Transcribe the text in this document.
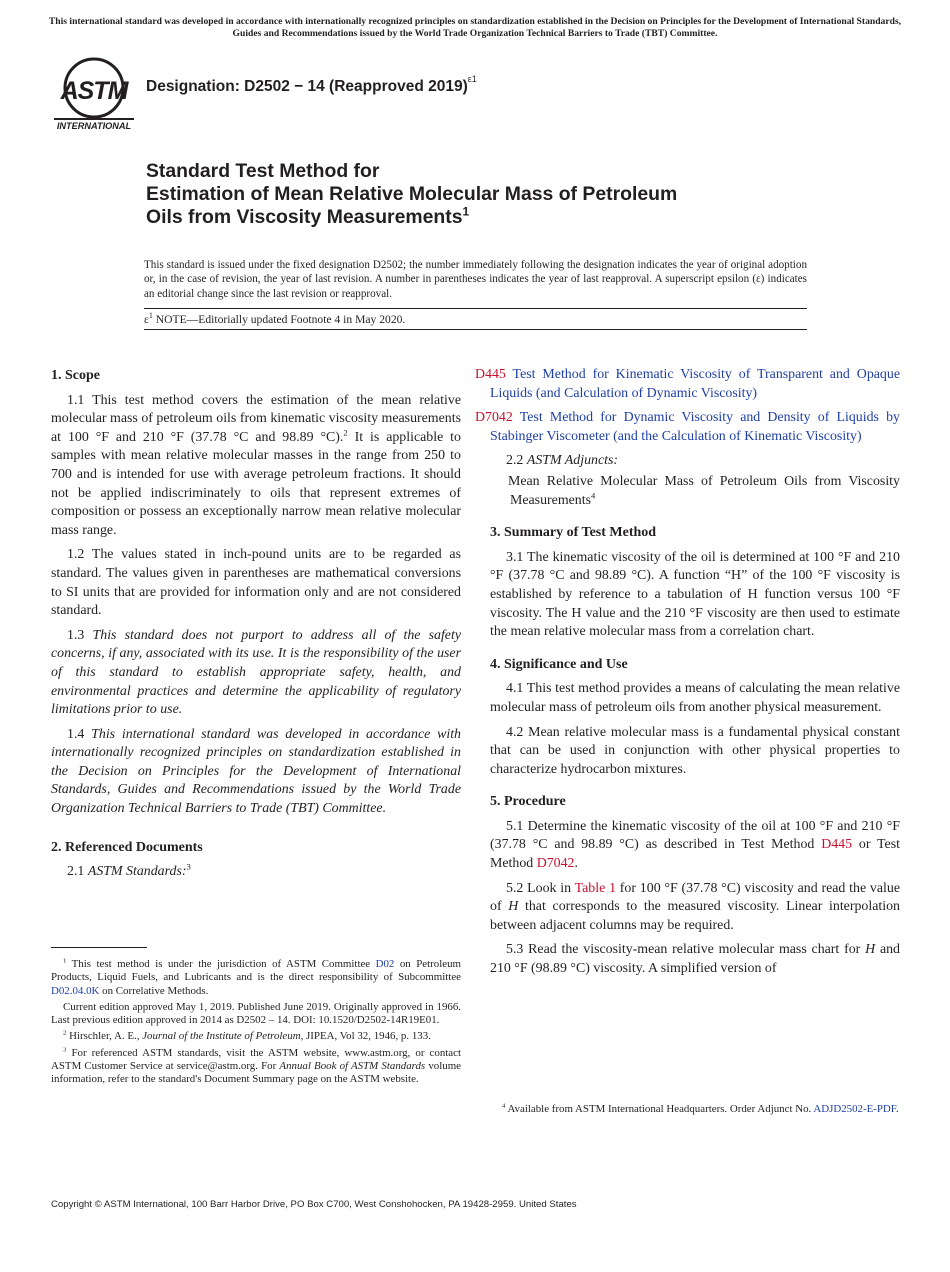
This international standard was developed in accordance with internationally recognized principles on standardization established in the Decision on Principles for the Development of International Standards, Guides and Recommendations issued by the World Trade Organization Technical Barriers to Trade (TBT) Committee.
ASTM
INTERNATIONAL
Designation: D2502 − 14 (Reapproved 2019)$^{\varepsilon 1}$
Standard Test Method for
Estimation of Mean Relative Molecular Mass of Petroleum
Oils from Viscosity Measurements$^1$
This standard is issued under the fixed designation D2502; the number immediately following the designation indicates the year of original adoption or, in the case of revision, the year of last revision. A number in parentheses indicates the year of last reapproval. A superscript epsilon (ε) indicates an editorial change since the last revision or reapproval.
$\varepsilon^1$ NOTE—Editorially updated Footnote 4 in May 2020.

1. Scope

1.1 This test method covers the estimation of the mean relative molecular mass of petroleum oils from kinematic viscosity measurements at 100 °F and 210 °F (37.78 °C and 98.89 °C).$^2$ It is applicable to samples with mean relative molecular masses in the range from 250 to 700 and is intended for use with average petroleum fractions. It should not be applied indiscriminately to oils that represent extremes of composition or possess an exceptionally narrow mean relative molecular mass range.

1.2 The values stated in inch-pound units are to be regarded as standard. The values given in parentheses are mathematical conversions to SI units that are provided for information only and are not considered standard.

1.3 This standard does not purport to address all of the safety concerns, if any, associated with its use. It is the responsibility of the user of this standard to establish appropriate safety, health, and environmental practices and determine the applicability of regulatory limitations prior to use.

1.4 This international standard was developed in accordance with internationally recognized principles on standardization established in the Decision on Principles for the Development of International Standards, Guides and Recommendations issued by the World Trade Organization Technical Barriers to Trade (TBT) Committee.

2. Referenced Documents

2.1 ASTM Standards:$^3$

$^1$ This test method is under the jurisdiction of ASTM Committee D02 on Petroleum Products, Liquid Fuels, and Lubricants and is the direct responsibility of Subcommittee D02.04.0K on Correlative Methods.

Current edition approved May 1, 2019. Published June 2019. Originally approved in 1966. Last previous edition approved in 2014 as D2502 – 14. DOI: 10.1520/D2502-14R19E01.

$^2$ Hirschler, A. E., Journal of the Institute of Petroleum, JIPEA, Vol 32, 1946, p. 133.

$^3$ For referenced ASTM standards, visit the ASTM website, www.astm.org, or contact ASTM Customer Service at service@astm.org. For Annual Book of ASTM Standards volume information, refer to the standard's Document Summary page on the ASTM website.

D445 Test Method for Kinematic Viscosity of Transparent and Opaque Liquids (and Calculation of Dynamic Viscosity)

D7042 Test Method for Dynamic Viscosity and Density of Liquids by Stabinger Viscometer (and the Calculation of Kinematic Viscosity)

2.2 ASTM Adjuncts:

Mean Relative Molecular Mass of Petroleum Oils from Viscosity Measurements$^4$

3. Summary of Test Method

3.1 The kinematic viscosity of the oil is determined at 100 °F and 210 °F (37.78 °C and 98.89 °C). A function “H” of the 100 °F viscosity is established by reference to a tabulation of H function versus 100 °F viscosity. The H value and the 210 °F viscosity are then used to estimate the mean relative molecular mass from a correlation chart.

4. Significance and Use

4.1 This test method provides a means of calculating the mean relative molecular mass of petroleum oils from another physical measurement.

4.2 Mean relative molecular mass is a fundamental physical constant that can be used in conjunction with other physical properties to characterize hydrocarbon mixtures.

5. Procedure

5.1 Determine the kinematic viscosity of the oil at 100 °F and 210 °F (37.78 °C and 98.89 °C) as described in Test Method D445 or Test Method D7042.

5.2 Look in Table 1 for 100 °F (37.78 °C) viscosity and read the value of H that corresponds to the measured viscosity. Linear interpolation between adjacent columns may be required.

5.3 Read the viscosity-mean relative molecular mass chart for H and 210 °F (98.89 °C) viscosity. A simplified version of

$^4$ Available from ASTM International Headquarters. Order Adjunct No. ADJD2502-E-PDF.

Copyright © ASTM International, 100 Barr Harbor Drive, PO Box C700, West Conshohocken, PA 19428-2959. United States
